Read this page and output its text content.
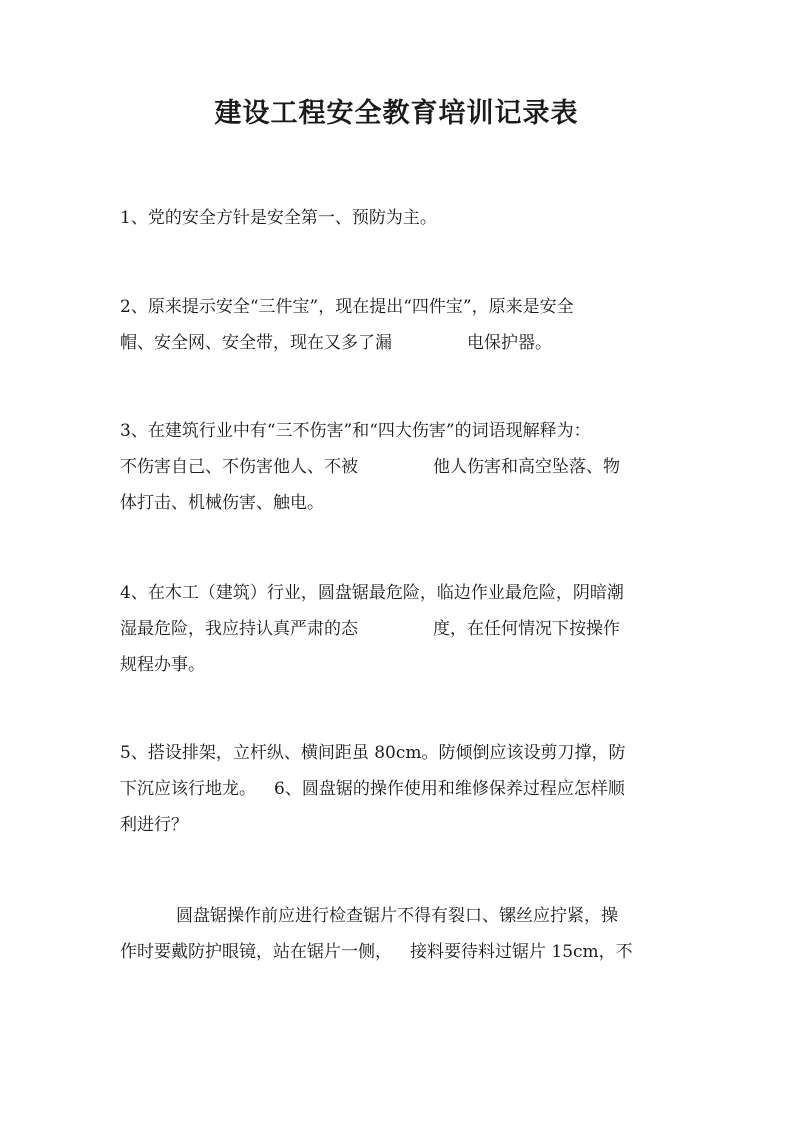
建设工程安全教育培训记录表
1、党的安全方针是安全第一、预防为主。
2、原来提示安全“三件宝”，现在提出“四件宝”，原来是安全
帽、安全网、安全带，现在又多了漏	电保护器。
3、在建筑行业中有“三不伤害”和“四大伤害”的词语现解释为：
不伤害自己、不伤害他人、不被	他人伤害和高空坠落、物
体打击、机械伤害、触电。
4、在木工（建筑）行业，圆盘锯最危险，临边作业最危险，阴暗潮
湿最危险，我应持认真严肃的态	度，在任何情况下按操作
规程办事。
5、搭设排架，立杆纵、横间距虽 80cm。防倾倒应该设剪刀撑，防
下沉应该行地龙。 6、圆盘锯的操作使用和维修保养过程应怎样顺
利进行？
圆盘锯操作前应进行检查锯片不得有裂口、镙丝应拧紧，操
作时要戴防护眼镜，站在锯片一侧， 接料要待料过锯片 15cm，不
